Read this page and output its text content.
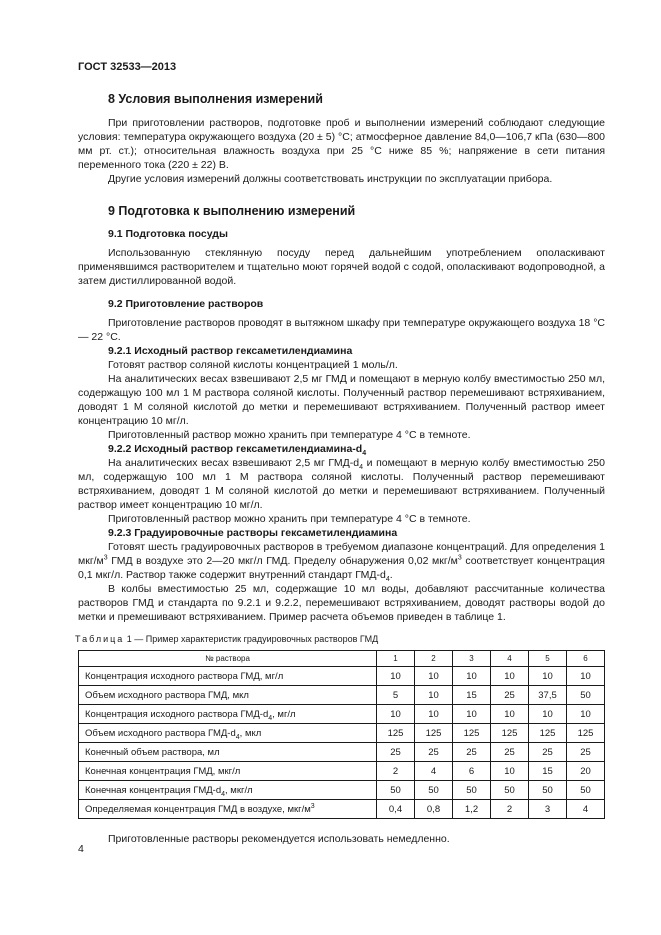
ГОСТ 32533—2013
8 Условия выполнения измерений

При приготовлении растворов, подготовке проб и выполнении измерений соблюдают следующие условия: температура окружающего воздуха (20 ± 5) °С; атмосферное давление 84,0—106,7 кПа (630—800 мм рт. ст.); относительная влажность воздуха при 25 °С ниже 85 %; напряжение в сети питания переменного тока (220 ± 22) В.

Другие условия измерений должны соответствовать инструкции по эксплуатации прибора.

9 Подготовка к выполнению измерений
9.1 Подготовка посуды

Использованную стеклянную посуду перед дальнейшим употреблением ополаскивают применявшимся растворителем и тщательно моют горячей водой с содой, ополаскивают водопроводной, а затем дистиллированной водой.

9.2 Приготовление растворов

Приготовление растворов проводят в вытяжном шкафу при температуре окружающего воздуха 18 °С — 22 °С.

9.2.1 Исходный раствор гексаметилендиамина

Готовят раствор соляной кислоты концентрацией 1 моль/л.

На аналитических весах взвешивают 2,5 мг ГМД и помещают в мерную колбу вместимостью 250 мл, содержащую 100 мл 1 М раствора соляной кислоты. Полученный раствор перемешивают встряхиванием, доводят 1 М соляной кислотой до метки и перемешивают встряхиванием. Полученный раствор имеет концентрацию 10 мг/л.

Приготовленный раствор можно хранить при температуре 4 °С в темноте.

9.2.2 Исходный раствор гексаметилендиамина-$d_4$

На аналитических весах взвешивают 2,5 мг ГМД-$d_4$ и помещают в мерную колбу вместимостью 250 мл, содержащую 100 мл 1 М раствора соляной кислоты. Полученный раствор перемешивают встряхиванием, доводят 1 М соляной кислотой до метки и перемешивают встряхиванием. Полученный раствор имеет концентрацию 10 мг/л.

Приготовленный раствор можно хранить при температуре 4 °С в темноте.

9.2.3 Градуировочные растворы гексаметилендиамина

Готовят шесть градуировочных растворов в требуемом диапазоне концентраций. Для определения 1 мкг/$м^3$ ГМД в воздухе это 2—20 мкг/л ГМД. Пределу обнаружения 0,02 мкг/$м^3$ соответствует концентрация 0,1 мкг/л. Раствор также содержит внутренний стандарт ГМД-$d_4$.

В колбы вместимостью 25 мл, содержащие 10 мл воды, добавляют рассчитанные количества растворов ГМД и стандарта по 9.2.1 и 9.2.2, перемешивают встряхиванием, доводят растворы водой до метки и премешивают встряхиванием. Пример расчета объемов приведен в таблице 1.

Таблица 1 — Пример характеристик градуировочных растворов ГМД
№ раствора	1	2	3	4	5	6
Концентрация исходного раствора ГМД, мг/л	10	10	10	10	10	10
Объем исходного раствора ГМД, мкл	5	10	15	25	37,5	50
Концентрация исходного раствора ГМД-$d_4$, мг/л	10	10	10	10	10	10
Объем исходного раствора ГМД-$d_4$, мкл	125	125	125	125	125	125
Конечный объем раствора, мл	25	25	25	25	25	25
Конечная концентрация ГМД, мкг/л	2	4	6	10	15	20
Конечная концентрация ГМД-$d_4$, мкг/л	50	50	50	50	50	50
Определяемая концентрация ГМД в воздухе, мкг/$м^3$	0,4	0,8	1,2	2	3	4

Приготовленные растворы рекомендуется использовать немедленно.

4
